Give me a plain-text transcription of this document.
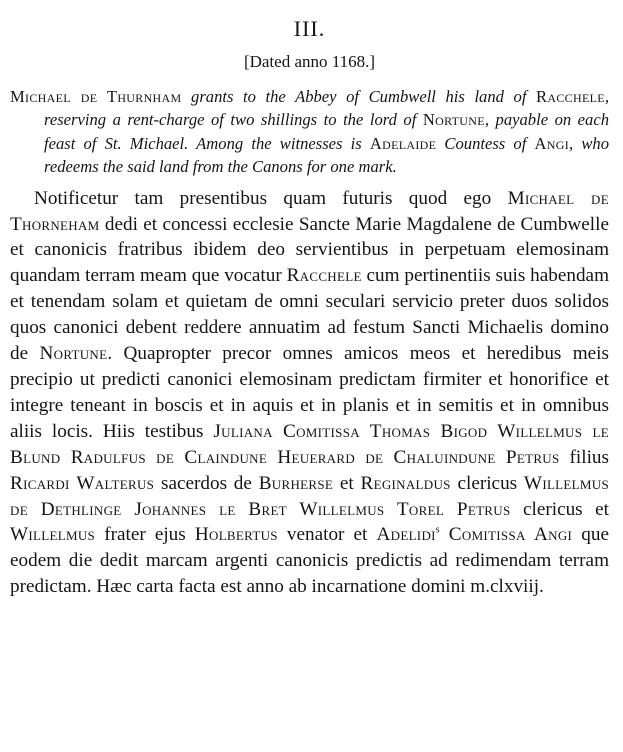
III.
[Dated anno 1168.]

Michael de Thurnham grants to the Abbey of Cumbwell his land of Racchele, reserving a rent-charge of two shillings to the lord of Nortune, payable on each feast of St. Michael. Among the witnesses is Adelaide Countess of Angi, who redeems the said land from the Canons for one mark.

Notificetur tam presentibus quam futuris quod ego Michael de Thorneham dedi et concessi ecclesie Sancte Marie Magdalene de Cumbwelle et canonicis fratribus ibidem deo servientibus in perpetuam elemosinam quandam terram meam que vocatur Racchele cum pertinentiis suis habendam et tenendam solam et quietam de omni seculari servicio preter duos solidos quos canonici debent reddere annuatim ad festum Sancti Michaelis domino de Nortune. Quapropter precor omnes amicos meos et heredibus meis precipio ut predicti canonici elemosinam predictam firmiter et honorifice et integre teneant in boscis et in aquis et in planis et in semitis et in omnibus aliis locis. Hiis testibus Juliana Comitissa Thomas Bigod Willelmus le Blund Radulfus de Claindune Heuerard de Chaluindune Petrus filius Ricardi Walterus sacerdos de Burherse et Reginaldus clericus Willelmus de Dethlinge Johannes le Bret Willelmus Torel Petrus clericus et Willelmus frater ejus Holbertus venator et Adelidi$^s$ Comitissa Angi que eodem die dedit marcam argenti canonicis predictis ad redimendam terram predictam. Hæc carta facta est anno ab incarnatione domini m.clxviij.
